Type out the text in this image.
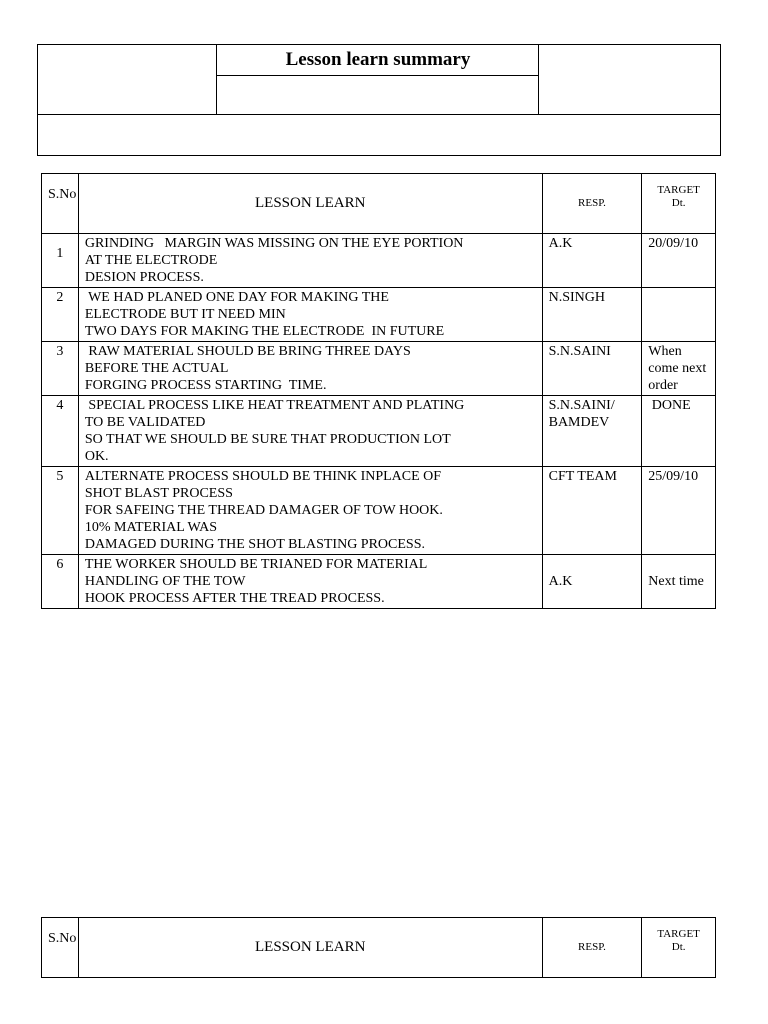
Lesson learn summary
S.No	LESSON LEARN	RESP.	TARGET
Dt.

1	GRINDING   MARGIN WAS MISSING ON THE EYE PORTION
AT THE ELECTRODE
DESION PROCESS.	A.K	20/09/10
2	WE HAD PLANED ONE DAY FOR MAKING THE
ELECTRODE BUT IT NEED MIN
TWO DAYS FOR MAKING THE ELECTRODE  IN FUTURE	N.SINGH	
3	RAW MATERIAL SHOULD BE BRING THREE DAYS
BEFORE THE ACTUAL
FORGING PROCESS STARTING  TIME.	S.N.SAINI	When come next order
4	SPECIAL PROCESS LIKE HEAT TREATMENT AND PLATING
TO BE VALIDATED
SO THAT WE SHOULD BE SURE THAT PRODUCTION LOT
OK.	S.N.SAINI/ BAMDEV	DONE
5	ALTERNATE PROCESS SHOULD BE THINK INPLACE OF
SHOT BLAST PROCESS
FOR SAFEING THE THREAD DAMAGER OF TOW HOOK.
10% MATERIAL WAS
DAMAGED DURING THE SHOT BLASTING PROCESS.	CFT TEAM	25/09/10
6	THE WORKER SHOULD BE TRIANED FOR MATERIAL
HANDLING OF THE TOW
HOOK PROCESS AFTER THE TREAD PROCESS.	A.K	Next time
S.No	LESSON LEARN	RESP.	
TARGET
Dt.
